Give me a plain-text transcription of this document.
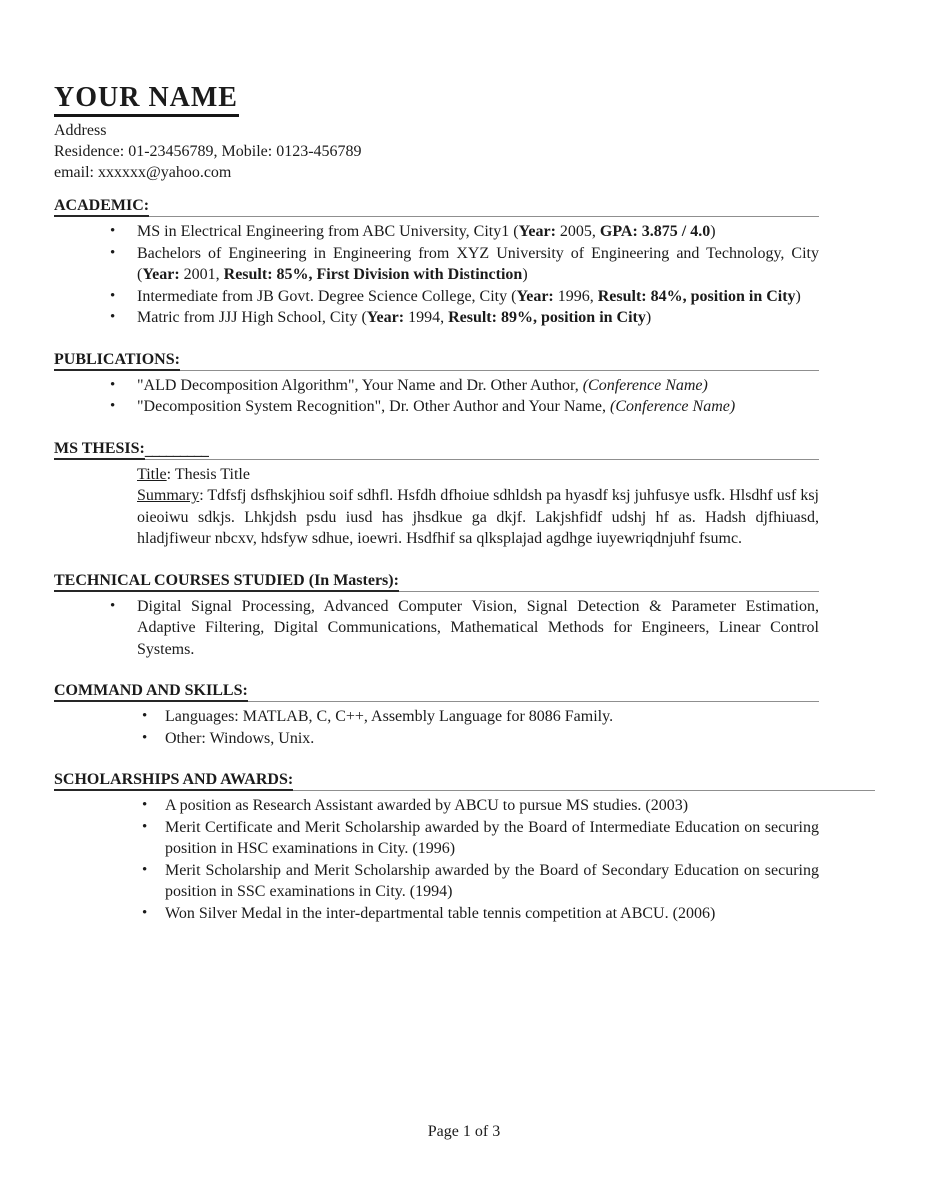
YOUR NAME
Address
Residence: 01-23456789, Mobile: 0123-456789
email: xxxxxx@yahoo.com
ACADEMIC:
• MS in Electrical Engineering from ABC University, City1 (Year: 2005, GPA: 3.875 / 4.0)
• Bachelors of Engineering in Engineering from XYZ University of Engineering and Technology, City (Year: 2001, Result: 85%, First Division with Distinction)
• Intermediate from JB Govt. Degree Science College, City (Year: 1996, Result: 84%, position in City)
• Matric from JJJ High School, City (Year: 1994, Result: 89%, position in City)
PUBLICATIONS:
• "ALD Decomposition Algorithm", Your Name and Dr. Other Author, (Conference Name)
• "Decomposition System Recognition", Dr. Other Author and Your Name, (Conference Name)
MS THESIS: _________
Title: Thesis Title
Summary: Tdfsfj dsfhskjhiou soif sdhfl. Hsfdh dfhoiue sdhldsh pa hyasdf ksj juhfusye usfk. Hlsdhf usf ksj oieoiwu sdkjs. Lhkjdsh psdu iusd has jhsdkue ga dkjf. Lakjshfidf udshj hf as. Hadsh djfhiuasd, hladjfiweur nbcxv, hdsfyw sdhue, ioewri. Hsdfhif sa qlksplajad agdhge iuyewriqdnjuhf fsumc.
TECHNICAL COURSES STUDIED (In Masters):
• Digital Signal Processing, Advanced Computer Vision, Signal Detection & Parameter Estimation, Adaptive Filtering, Digital Communications, Mathematical Methods for Engineers, Linear Control Systems.
COMMAND AND SKILLS:
• Languages: MATLAB, C, C++, Assembly Language for 8086 Family.
• Other: Windows, Unix.
SCHOLARSHIPS AND AWARDS:
• A position as Research Assistant awarded by ABCU to pursue MS studies. (2003)
• Merit Certificate and Merit Scholarship awarded by the Board of Intermediate Education on securing position in HSC examinations in City. (1996)
• Merit Scholarship and Merit Scholarship awarded by the Board of Secondary Education on securing position in SSC examinations in City. (1994)
• Won Silver Medal in the inter-departmental table tennis competition at ABCU. (2006)
Page 1 of 3
